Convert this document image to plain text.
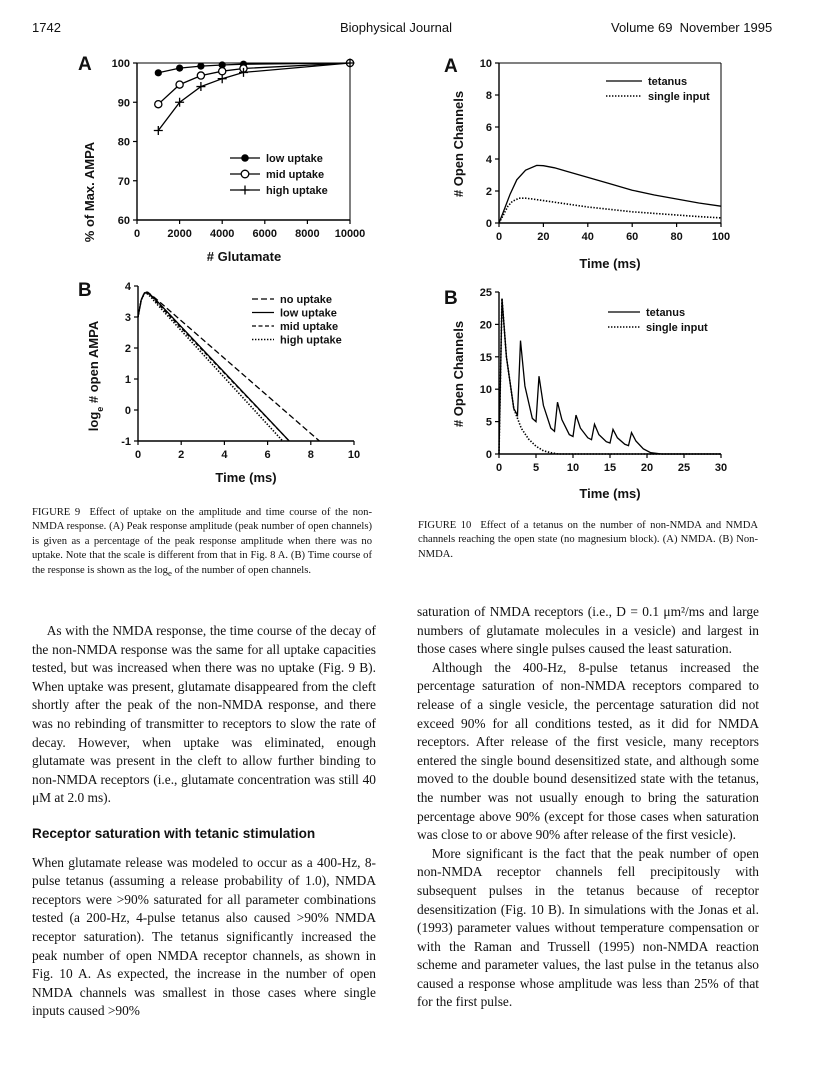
1742	Biophysical Journal	Volume 69 November 1995
A
% of Max. AMPA
# Glutamate
100
90
80
70
60
0 2000 4000 6000 8000 10000
low uptake
mid uptake
high uptake
B
$\log_e$ # open AMPA
Time (ms)
4
3
2
1
0
-1
0	2	4	6	8	10
no uptake
low uptake
mid uptake
high uptake
A
# Open Channels
Time (ms)
10
8
6
4
2
0
0	20	40	60	80	100
tetanus
single input
B
# Open Channels
Time (ms)
25
20
15
10
5
0
0	5	10 15 20 25 30
tetanus
single input
FIGURE 9 Effect of uptake on the amplitude and time course of the non-NMDA response. (A) Peak response amplitude (peak number of open channels) is given as a percentage of the peak response amplitude when there was no uptake. Note that the scale is different from that in Fig. 8 A. (B) Time course of the response is shown as the $\log_e$ of the number of open channels.
FIGURE 10 Effect of a tetanus on the number of non-NMDA and NMDA channels reaching the open state (no magnesium block). (A) NMDA. (B) Non-NMDA.

As with the NMDA response, the time course of the decay of the non-NMDA response was the same for all uptake capacities tested, but was increased when there was no uptake (Fig. 9 B). When uptake was present, glutamate disappeared from the cleft shortly after the peak of the non-NMDA response, and there was no rebinding of transmitter to receptors to slow the rate of decay. However, when uptake was eliminated, enough glutamate was present in the cleft to allow further binding to non-NMDA receptors (i.e., glutamate concentration was still 40 μM at 2.0 ms).

Receptor saturation with tetanic stimulation

When glutamate release was modeled to occur as a 400-Hz, 8-pulse tetanus (assuming a release probability of 1.0), NMDA receptors were >90% saturated for all parameter combinations tested (a 200-Hz, 4-pulse tetanus also caused >90% NMDA receptor saturation). The tetanus significantly increased the peak number of open NMDA receptor channels, as shown in Fig. 10 A. As expected, the increase in the number of open NMDA channels was smallest in those cases where single inputs caused >90%

saturation of NMDA receptors (i.e., D = 0.1 μm²/ms and large numbers of glutamate molecules in a vesicle) and largest in those cases where single pulses caused the least saturation.

Although the 400-Hz, 8-pulse tetanus increased the percentage saturation of non-NMDA receptors compared to release of a single vesicle, the percentage saturation did not exceed 90% for all conditions tested, as it did for NMDA receptors. After release of the first vesicle, many receptors entered the single bound desensitized state, and although some moved to the double bound desensitized state with the tetanus, the number was not usually enough to bring the saturation percentage above 90% (except for those cases when saturation was close to or above 90% after release of the first vesicle).

More significant is the fact that the peak number of open non-NMDA receptor channels fell precipitously with subsequent pulses in the tetanus because of receptor desensitization (Fig. 10 B). In simulations with the Jonas et al. (1993) parameter values without temperature compensation or with the Raman and Trussell (1995) non-NMDA reaction scheme and parameter values, the last pulse in the tetanus also caused a response whose amplitude was less than 25% of that for the first pulse.
